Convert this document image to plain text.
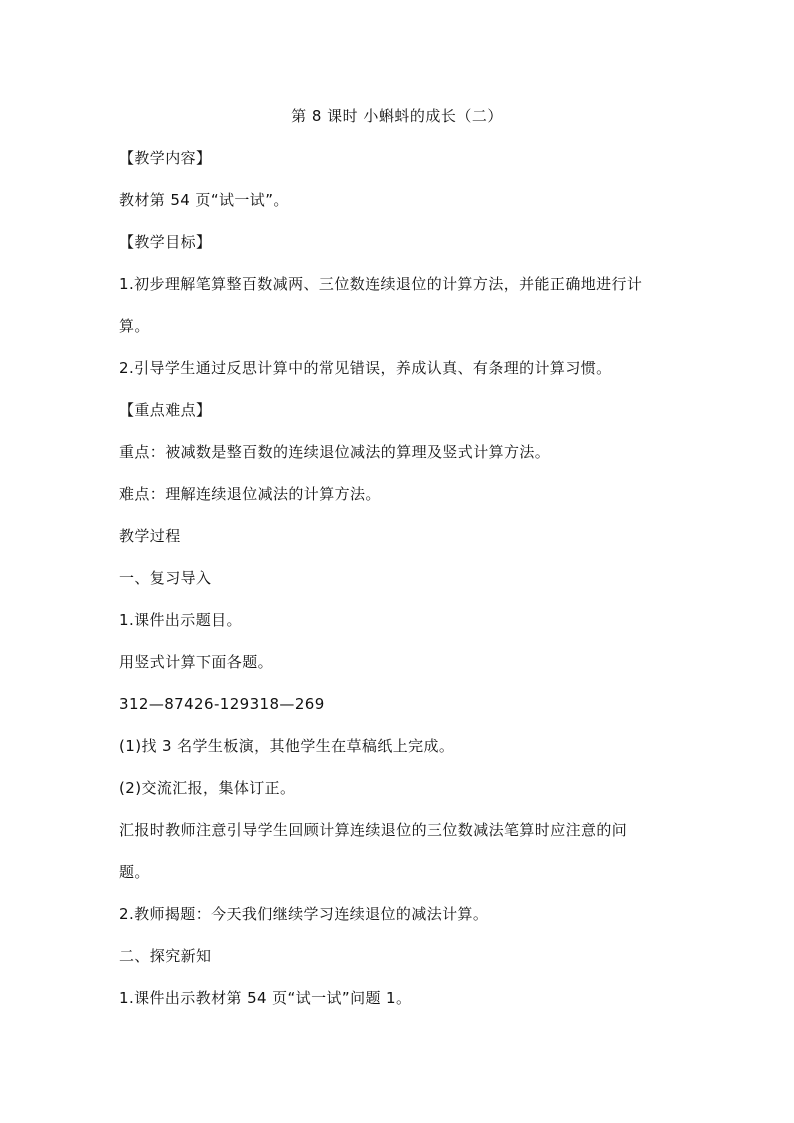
第 8 课时 小蝌蚪的成长（二）
【教学内容】
教材第 54 页“试一试”。
【教学目标】
1.初步理解笔算整百数减两、三位数连续退位的计算方法，并能正确地进行计
算。
2.引导学生通过反思计算中的常见错误，养成认真、有条理的计算习惯。
【重点难点】
重点：被减数是整百数的连续退位减法的算理及竖式计算方法。
难点：理解连续退位减法的计算方法。
教学过程
一、复习导入
1.课件出示题目。
用竖式计算下面各题。
312—87426-129318—269
(1)找 3 名学生板演，其他学生在草稿纸上完成。
(2)交流汇报，集体订正。
汇报时教师注意引导学生回顾计算连续退位的三位数减法笔算时应注意的问
题。
2.教师揭题：今天我们继续学习连续退位的减法计算。
二、探究新知
1.课件出示教材第 54 页“试一试”问题 1。
